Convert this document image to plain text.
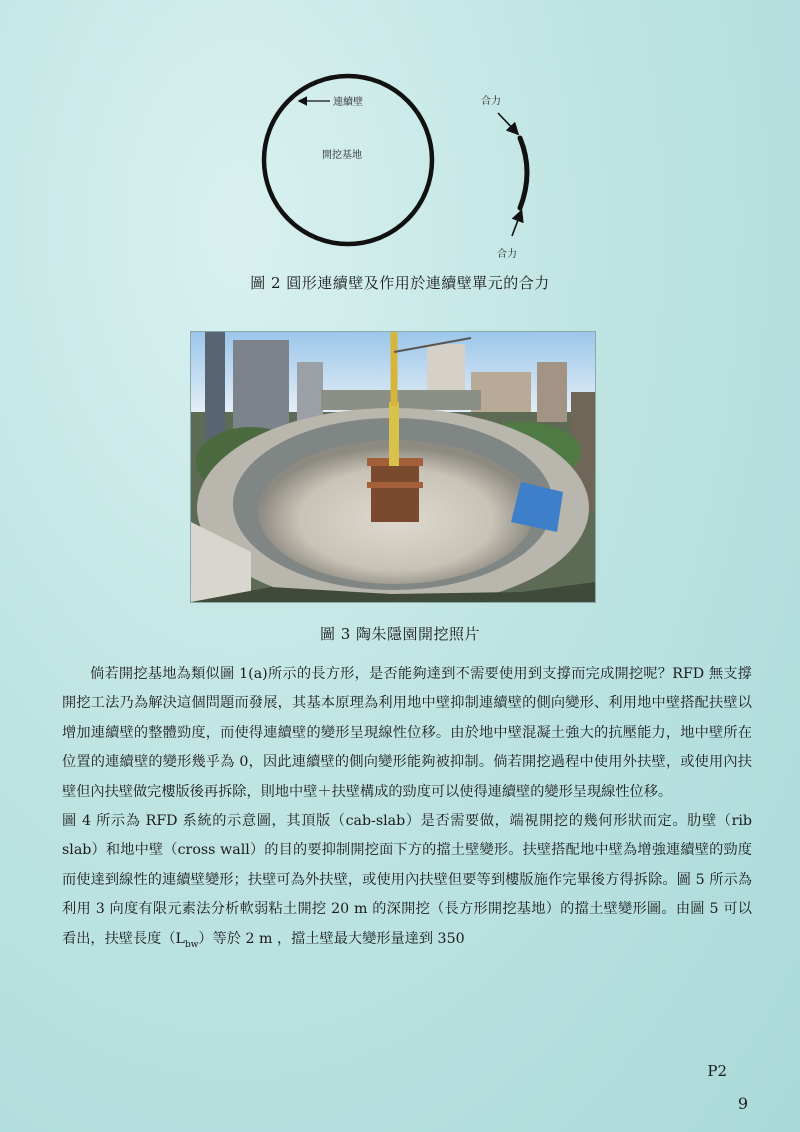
連續壁
開挖基地
合力
合力
圖 2 圓形連續壁及作用於連續壁單元的合力
圖 3 陶朱隱園開挖照片

倘若開挖基地為類似圖 1(a)所示的長方形，是否能夠達到不需要使用到支撐而完成開挖呢？RFD 無支撐開挖工法乃為解決這個問題而發展，其基本原理為利用地中壁抑制連續壁的側向變形、利用地中壁搭配扶壁以增加連續壁的整體勁度，而使得連續壁的變形呈現線性位移。由於地中壁混凝土強大的抗壓能力，地中壁所在位置的連續壁的變形幾乎為 0，因此連續壁的側向變形能夠被抑制。倘若開挖過程中使用外扶壁，或使用內扶壁但內扶壁做完樓版後再拆除，則地中壁＋扶壁構成的勁度可以使得連續壁的變形呈現線性位移。

圖 4 所示為 RFD 系統的示意圖，其頂版（cab-slab）是否需要做，端視開挖的幾何形狀而定。肋壁（rib slab）和地中壁（cross wall）的目的要抑制開挖面下方的擋土壁變形。扶壁搭配地中壁為增強連續壁的勁度而使達到線性的連續壁變形；扶壁可為外扶壁，或使用內扶壁但要等到樓版施作完畢後方得拆除。圖 5 所示為利用 3 向度有限元素法分析軟弱粘土開挖 20 m 的深開挖（長方形開挖基地）的擋土壁變形圖。由圖 5 可以看出，扶壁長度$(L_{bw})$等於 2 m ，擋土壁最大變形量達到 350

P2
9
